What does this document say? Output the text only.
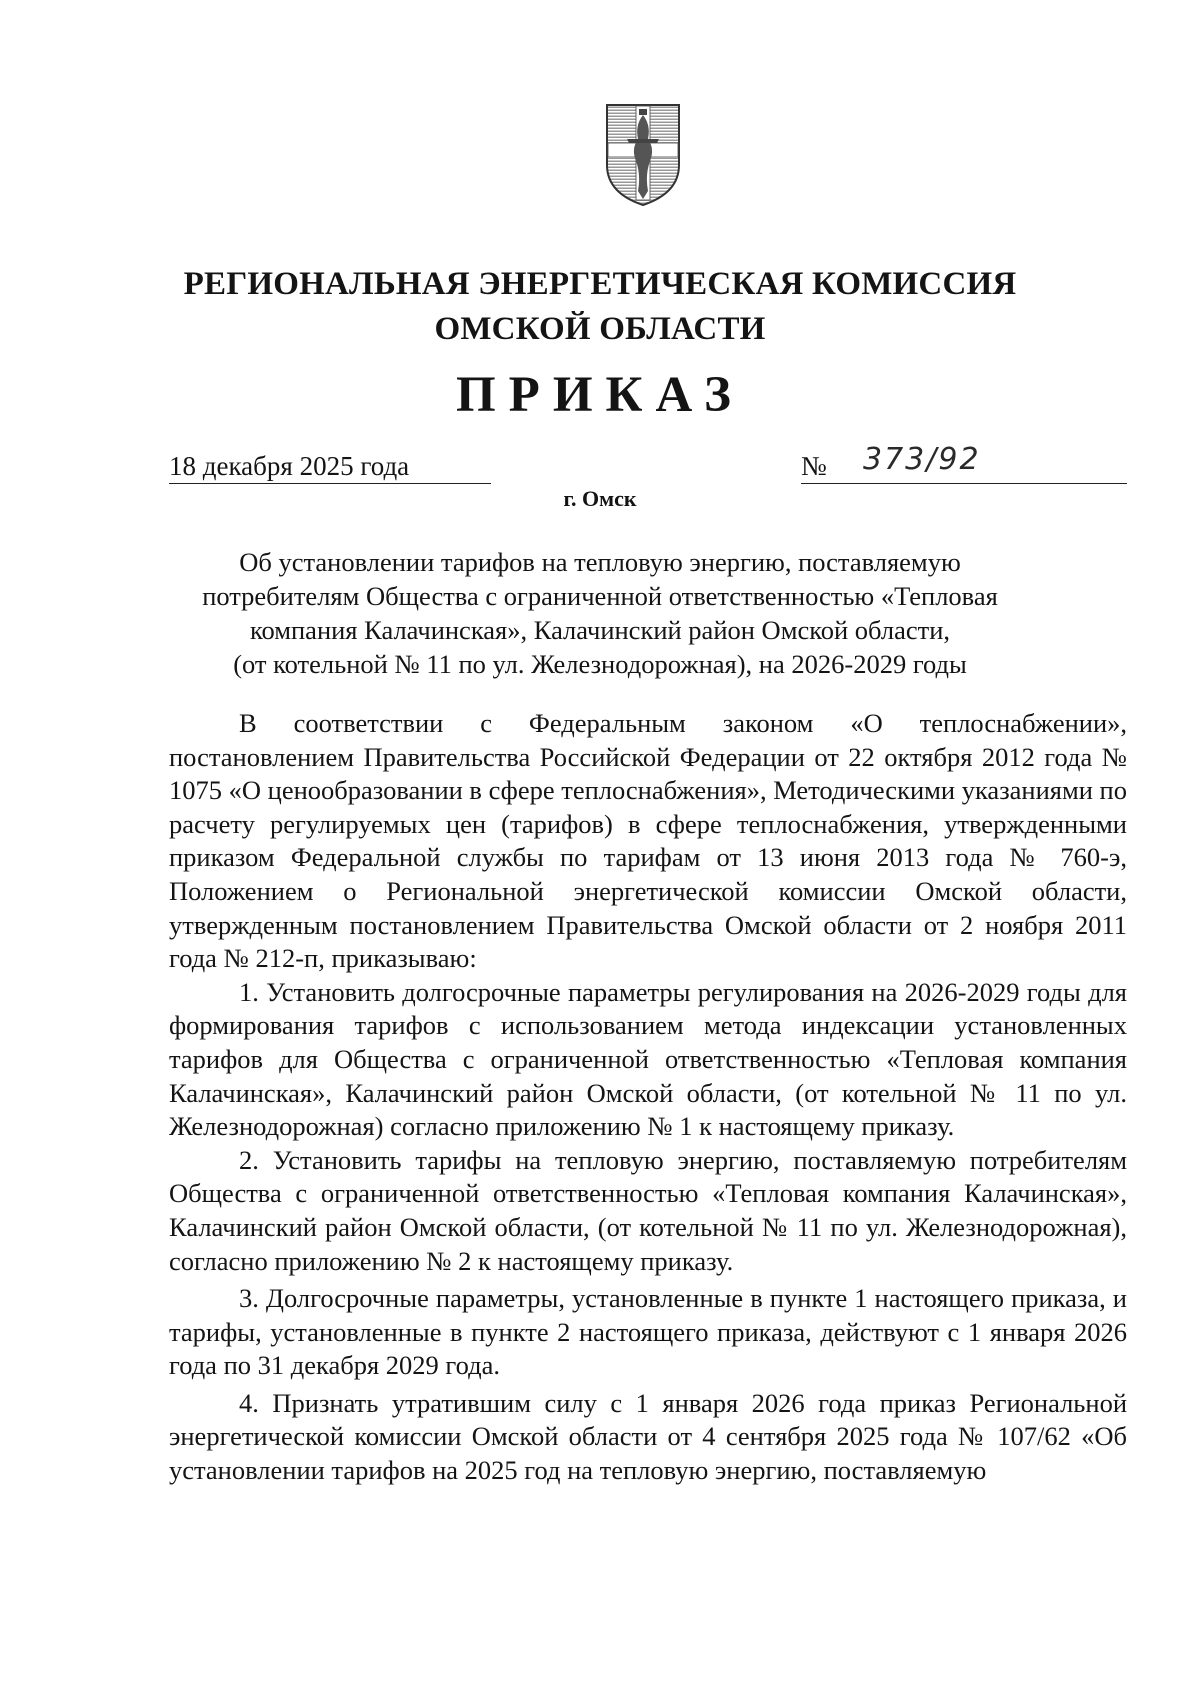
РЕГИОНАЛЬНАЯ ЭНЕРГЕТИЧЕСКАЯ КОМИССИЯ
ОМСКОЙ ОБЛАСТИ
ПРИКАЗ
18 декабря 2025 года	№ 373/92
г. Омск
Об установлении тарифов на тепловую энергию, поставляемую
потребителям Общества с ограниченной ответственностью «Тепловая
компания Калачинская», Калачинский район Омской области,
(от котельной № 11 по ул. Железнодорожная), на 2026-2029 годы

В соответствии с Федеральным законом «О теплоснабжении», постановлением Правительства Российской Федерации от 22 октября 2012 года № 1075 «О ценообразовании в сфере теплоснабжения», Методическими указаниями по расчету регулируемых цен (тарифов) в сфере теплоснабжения, утвержденными приказом Федеральной службы по тарифам от 13 июня 2013 года № 760-э, Положением о Региональной энергетической комиссии Омской области, утвержденным постановлением Правительства Омской области от 2 ноября 2011 года № 212-п, приказываю:

1. Установить долгосрочные параметры регулирования на 2026-2029 годы для формирования тарифов с использованием метода индексации установленных тарифов для Общества с ограниченной ответственностью «Тепловая компания Калачинская», Калачинский район Омской области, (от котельной № 11 по ул. Железнодорожная) согласно приложению № 1 к настоящему приказу.

2. Установить тарифы на тепловую энергию, поставляемую потребителям Общества с ограниченной ответственностью «Тепловая компания Калачинская», Калачинский район Омской области, (от котельной № 11 по ул. Железнодорожная), согласно приложению № 2 к настоящему приказу.

3. Долгосрочные параметры, установленные в пункте 1 настоящего приказа, и тарифы, установленные в пункте 2 настоящего приказа, действуют с 1 января 2026 года по 31 декабря 2029 года.

4. Признать утратившим силу с 1 января 2026 года приказ Региональной энергетической комиссии Омской области от 4 сентября 2025 года № 107/62 «Об установлении тарифов на 2025 год на тепловую энергию, поставляемую
